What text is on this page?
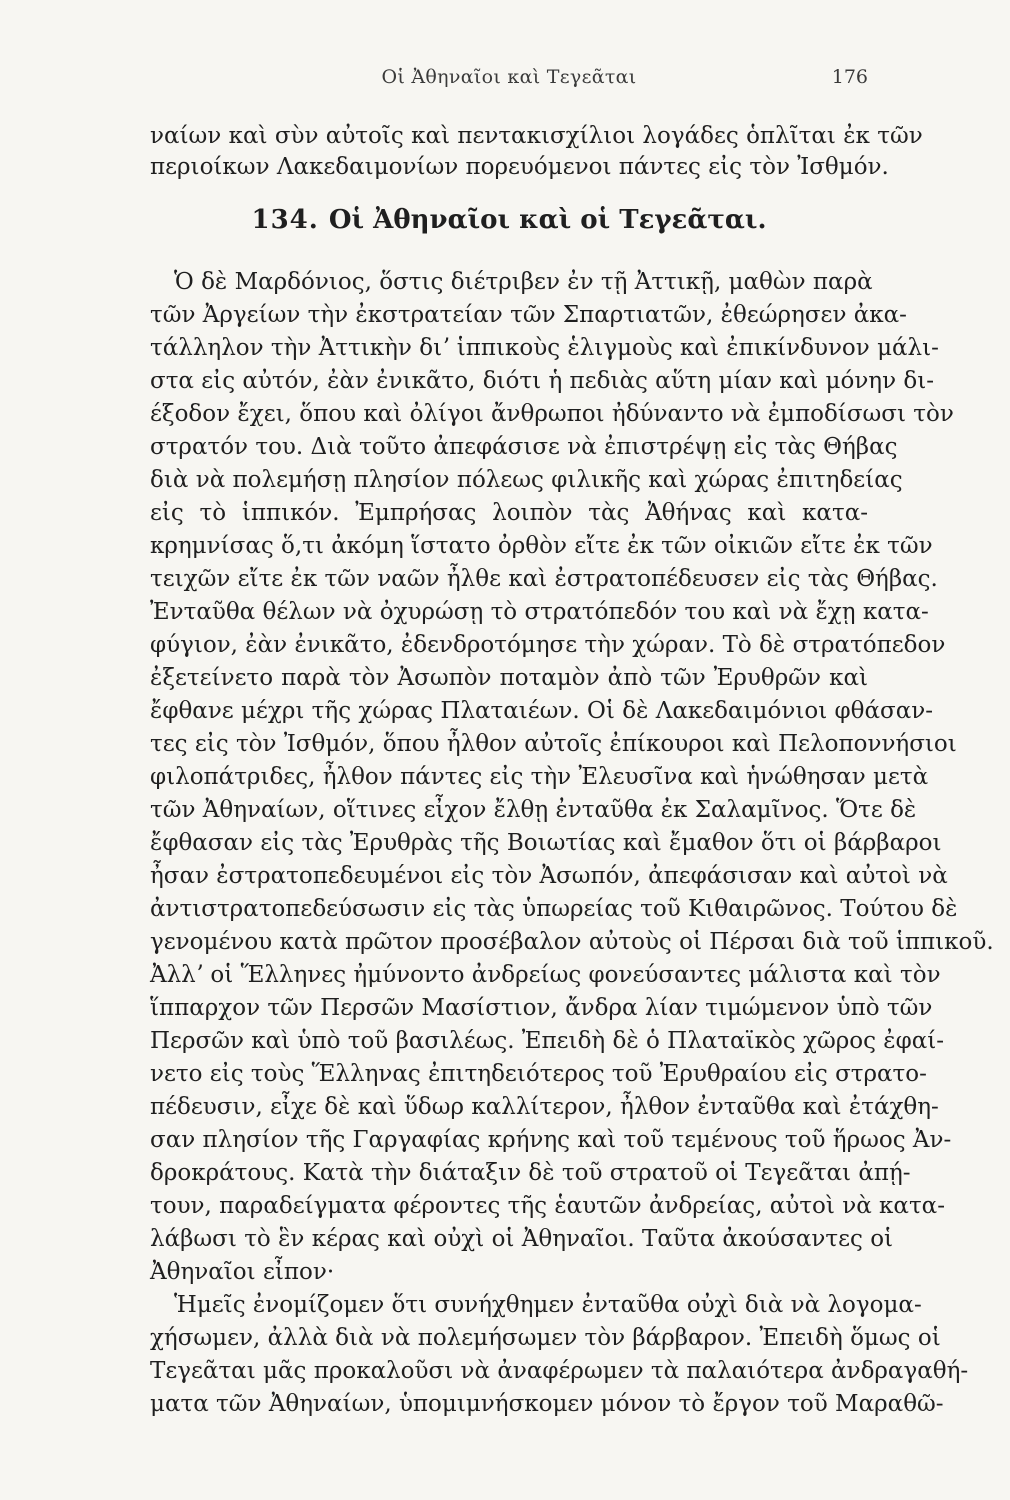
Οἱ Ἀθηναῖοι καὶ Τεγεᾶται	176
ναίων καὶ σὺν αὐτοῖς καὶ πεντακισχίλιοι λογάδες ὁπλῖται ἐκ τῶν
περιοίκων Λακεδαιμονίων πορευόμενοι πάντες εἰς τὸν Ἰσθμόν.
134. Οἱ Ἀθηναῖοι καὶ οἱ Τεγεᾶται.
Ὁ δὲ Μαρδόνιος, ὅστις διέτριβεν ἐν τῇ Ἀττικῇ, μαθὼν παρὰ
τῶν Ἀργείων τὴν ἐκστρατείαν τῶν Σπαρτιατῶν, ἐθεώρησεν ἀκα-
τάλληλον τὴν Ἀττικὴν διʼ ἱππικοὺς ἑλιγμοὺς καὶ ἐπικίνδυνον μάλι-
στα εἰς αὐτόν, ἐὰν ἐνικᾶτο, διότι ἡ πεδιὰς αὕτη μίαν καὶ μόνην δι-
έξοδον ἔχει, ὅπου καὶ ὀλίγοι ἄνθρωποι ἠδύναντο νὰ ἐμποδίσωσι τὸν
στρατόν του. Διὰ τοῦτο ἀπεφάσισε νὰ ἐπιστρέψῃ εἰς τὰς Θήβας
διὰ νὰ πολεμήσῃ πλησίον πόλεως φιλικῆς καὶ χώρας ἐπιτηδείας
εἰς τὸ ἱππικόν. Ἐμπρήσας λοιπὸν τὰς Ἀθήνας καὶ κατα-
κρημνίσας ὅ,τι ἀκόμη ἵστατο ὀρθὸν εἴτε ἐκ τῶν οἰκιῶν εἴτε ἐκ τῶν
τειχῶν εἴτε ἐκ τῶν ναῶν ἦλθε καὶ ἐστρατοπέδευσεν εἰς τὰς Θήβας.
Ἐνταῦθα θέλων νὰ ὀχυρώσῃ τὸ στρατόπεδόν του καὶ νὰ ἔχῃ κατα-
φύγιον, ἐὰν ἐνικᾶτο, ἐδενδροτόμησε τὴν χώραν. Τὸ δὲ στρατόπεδον
ἐξετείνετο παρὰ τὸν Ἀσωπὸν ποταμὸν ἀπὸ τῶν Ἐρυθρῶν καὶ
ἔφθανε μέχρι τῆς χώρας Πλαταιέων. Οἱ δὲ Λακεδαιμόνιοι φθάσαν-
τες εἰς τὸν Ἰσθμόν, ὅπου ἦλθον αὐτοῖς ἐπίκουροι καὶ Πελοποννήσιοι
φιλοπάτριδες, ἦλθον πάντες εἰς τὴν Ἐλευσῖνα καὶ ἡνώθησαν μετὰ
τῶν Ἀθηναίων, οἵτινες εἶχον ἔλθῃ ἐνταῦθα ἐκ Σαλαμῖνος. Ὅτε δὲ
ἔφθασαν εἰς τὰς Ἐρυθρὰς τῆς Βοιωτίας καὶ ἔμαθον ὅτι οἱ βάρβαροι
ἦσαν ἐστρατοπεδευμένοι εἰς τὸν Ἀσωπόν, ἀπεφάσισαν καὶ αὐτοὶ νὰ
ἀντιστρατοπεδεύσωσιν εἰς τὰς ὑπωρείας τοῦ Κιθαιρῶνος. Τούτου δὲ
γενομένου κατὰ πρῶτον προσέβαλον αὐτοὺς οἱ Πέρσαι διὰ τοῦ ἱππικοῦ.
Ἀλλʼ οἱ Ἕλληνες ἠμύνοντο ἀνδρείως φονεύσαντες μάλιστα καὶ τὸν
ἵππαρχον τῶν Περσῶν Μασίστιον, ἄνδρα λίαν τιμώμενον ὑπὸ τῶν
Περσῶν καὶ ὑπὸ τοῦ βασιλέως. Ἐπειδὴ δὲ ὁ Πλαταϊκὸς χῶρος ἐφαί-
νετο εἰς τοὺς Ἕλληνας ἐπιτηδειότερος τοῦ Ἐρυθραίου εἰς στρατο-
πέδευσιν, εἶχε δὲ καὶ ὕδωρ καλλίτερον, ἦλθον ἐνταῦθα καὶ ἐτάχθη-
σαν πλησίον τῆς Γαργαφίας κρήνης καὶ τοῦ τεμένους τοῦ ἥρωος Ἀν-
δροκράτους. Κατὰ τὴν διάταξιν δὲ τοῦ στρατοῦ οἱ Τεγεᾶται ἀπῄ-
τουν, παραδείγματα φέροντες τῆς ἑαυτῶν ἀνδρείας, αὐτοὶ νὰ κατα-
λάβωσι τὸ ἓν κέρας καὶ οὐχὶ οἱ Ἀθηναῖοι. Ταῦτα ἀκούσαντες οἱ
Ἀθηναῖοι εἶπον·
Ἡμεῖς ἐνομίζομεν ὅτι συνήχθημεν ἐνταῦθα οὐχὶ διὰ νὰ λογομα-
χήσωμεν, ἀλλὰ διὰ νὰ πολεμήσωμεν τὸν βάρβαρον. Ἐπειδὴ ὅμως οἱ
Τεγεᾶται μᾶς προκαλοῦσι νὰ ἀναφέρωμεν τὰ παλαιότερα ἀνδραγαθή-
ματα τῶν Ἀθηναίων, ὑπομιμνήσκομεν μόνον τὸ ἔργον τοῦ Μαραθῶ-
